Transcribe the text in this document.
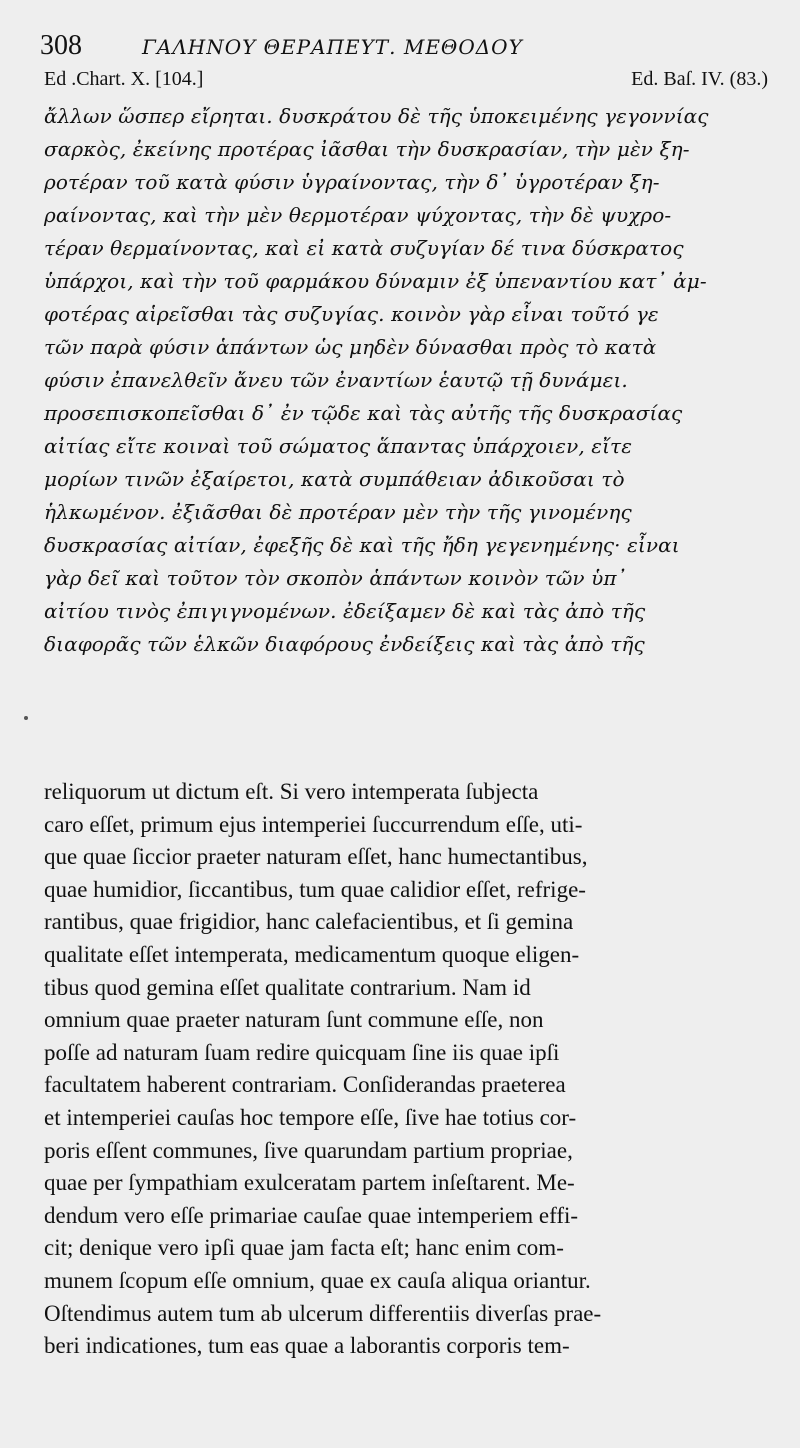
308	ΓΑΛΗΝΟΥ ΘΕΡΑΠΕΥΤ. ΜΕΘΟΔΟΥ
Ed .Chart. X. [104.]	Ed. Baſ. IV. (83.)
ἄλλων ὥσπερ εἴρηται. δυσκράτου δὲ τῆς ὑποκειμένης γεγοννίας
σαρκὸς, ἐκείνης προτέρας ἰᾶσθαι τὴν δυσκρασίαν, τὴν μὲν ξη-
ροτέραν τοῦ κατὰ φύσιν ὑγραίνοντας, τὴν δ᾽ ὑγροτέραν ξη-
ραίνοντας, καὶ τὴν μὲν θερμοτέραν ψύχοντας, τὴν δὲ ψυχρο-
τέραν θερμαίνοντας, καὶ εἰ κατὰ συζυγίαν δέ τινα δύσκρατος
ὑπάρχοι, καὶ τὴν τοῦ φαρμάκου δύναμιν ἐξ ὑπεναντίου κατ᾽ ἀμ-
φοτέρας αἱρεῖσθαι τὰς συζυγίας. κοινὸν γὰρ εἶναι τοῦτό γε
τῶν παρὰ φύσιν ἁπάντων ὡς μηδὲν δύνασθαι πρὸς τὸ κατὰ
φύσιν ἐπανελθεῖν ἄνευ τῶν ἐναντίων ἑαυτῷ τῇ δυνάμει.
προσεπισκοπεῖσθαι δ᾽ ἐν τῷδε καὶ τὰς αὐτῆς τῆς δυσκρασίας
αἰτίας εἴτε κοιναὶ τοῦ σώματος ἅπαντας ὑπάρχοιεν, εἴτε
μορίων τινῶν ἐξαίρετοι, κατὰ συμπάθειαν ἀδικοῦσαι τὸ
ἡλκωμένον. ἐξιᾶσθαι δὲ προτέραν μὲν τὴν τῆς γινομένης
δυσκρασίας αἰτίαν, ἐφεξῆς δὲ καὶ τῆς ἤδη γεγενημένης· εἶναι
γὰρ δεῖ καὶ τοῦτον τὸν σκοπὸν ἁπάντων κοινὸν τῶν ὑπ᾽
αἰτίου τινὸς ἐπιγιγνομένων. ἐδείξαμεν δὲ καὶ τὰς ἀπὸ τῆς
διαφορᾶς τῶν ἑλκῶν διαφόρους ἐνδείξεις καὶ τὰς ἀπὸ τῆς
reliquorum ut dictum eſt. Si vero intemperata ſubjecta
caro eſſet, primum ejus intemperiei ſuccurrendum eſſe, uti-
que quae ſiccior praeter naturam eſſet, hanc humectantibus,
quae humidior, ſiccantibus, tum quae calidior eſſet, refrige-
rantibus, quae frigidior, hanc calefacientibus, et ſi gemina
qualitate eſſet intemperata, medicamentum quoque eligen-
tibus quod gemina eſſet qualitate contrarium. Nam id
omnium quae praeter naturam ſunt commune eſſe, non
poſſe ad naturam ſuam redire quicquam ſine iis quae ipſi
facultatem haberent contrariam. Conſiderandas praeterea
et intemperiei cauſas hoc tempore eſſe, ſive hae totius cor-
poris eſſent communes, ſive quarundam partium propriae,
quae per ſympathiam exulceratam partem inſeſtarent. Me-
dendum vero eſſe primariae cauſae quae intemperiem effi-
cit; denique vero ipſi quae jam facta eſt; hanc enim com-
munem ſcopum eſſe omnium, quae ex cauſa aliqua oriantur.
Oſtendimus autem tum ab ulcerum differentiis diverſas prae-
beri indicationes, tum eas quae a laborantis corporis tem-
